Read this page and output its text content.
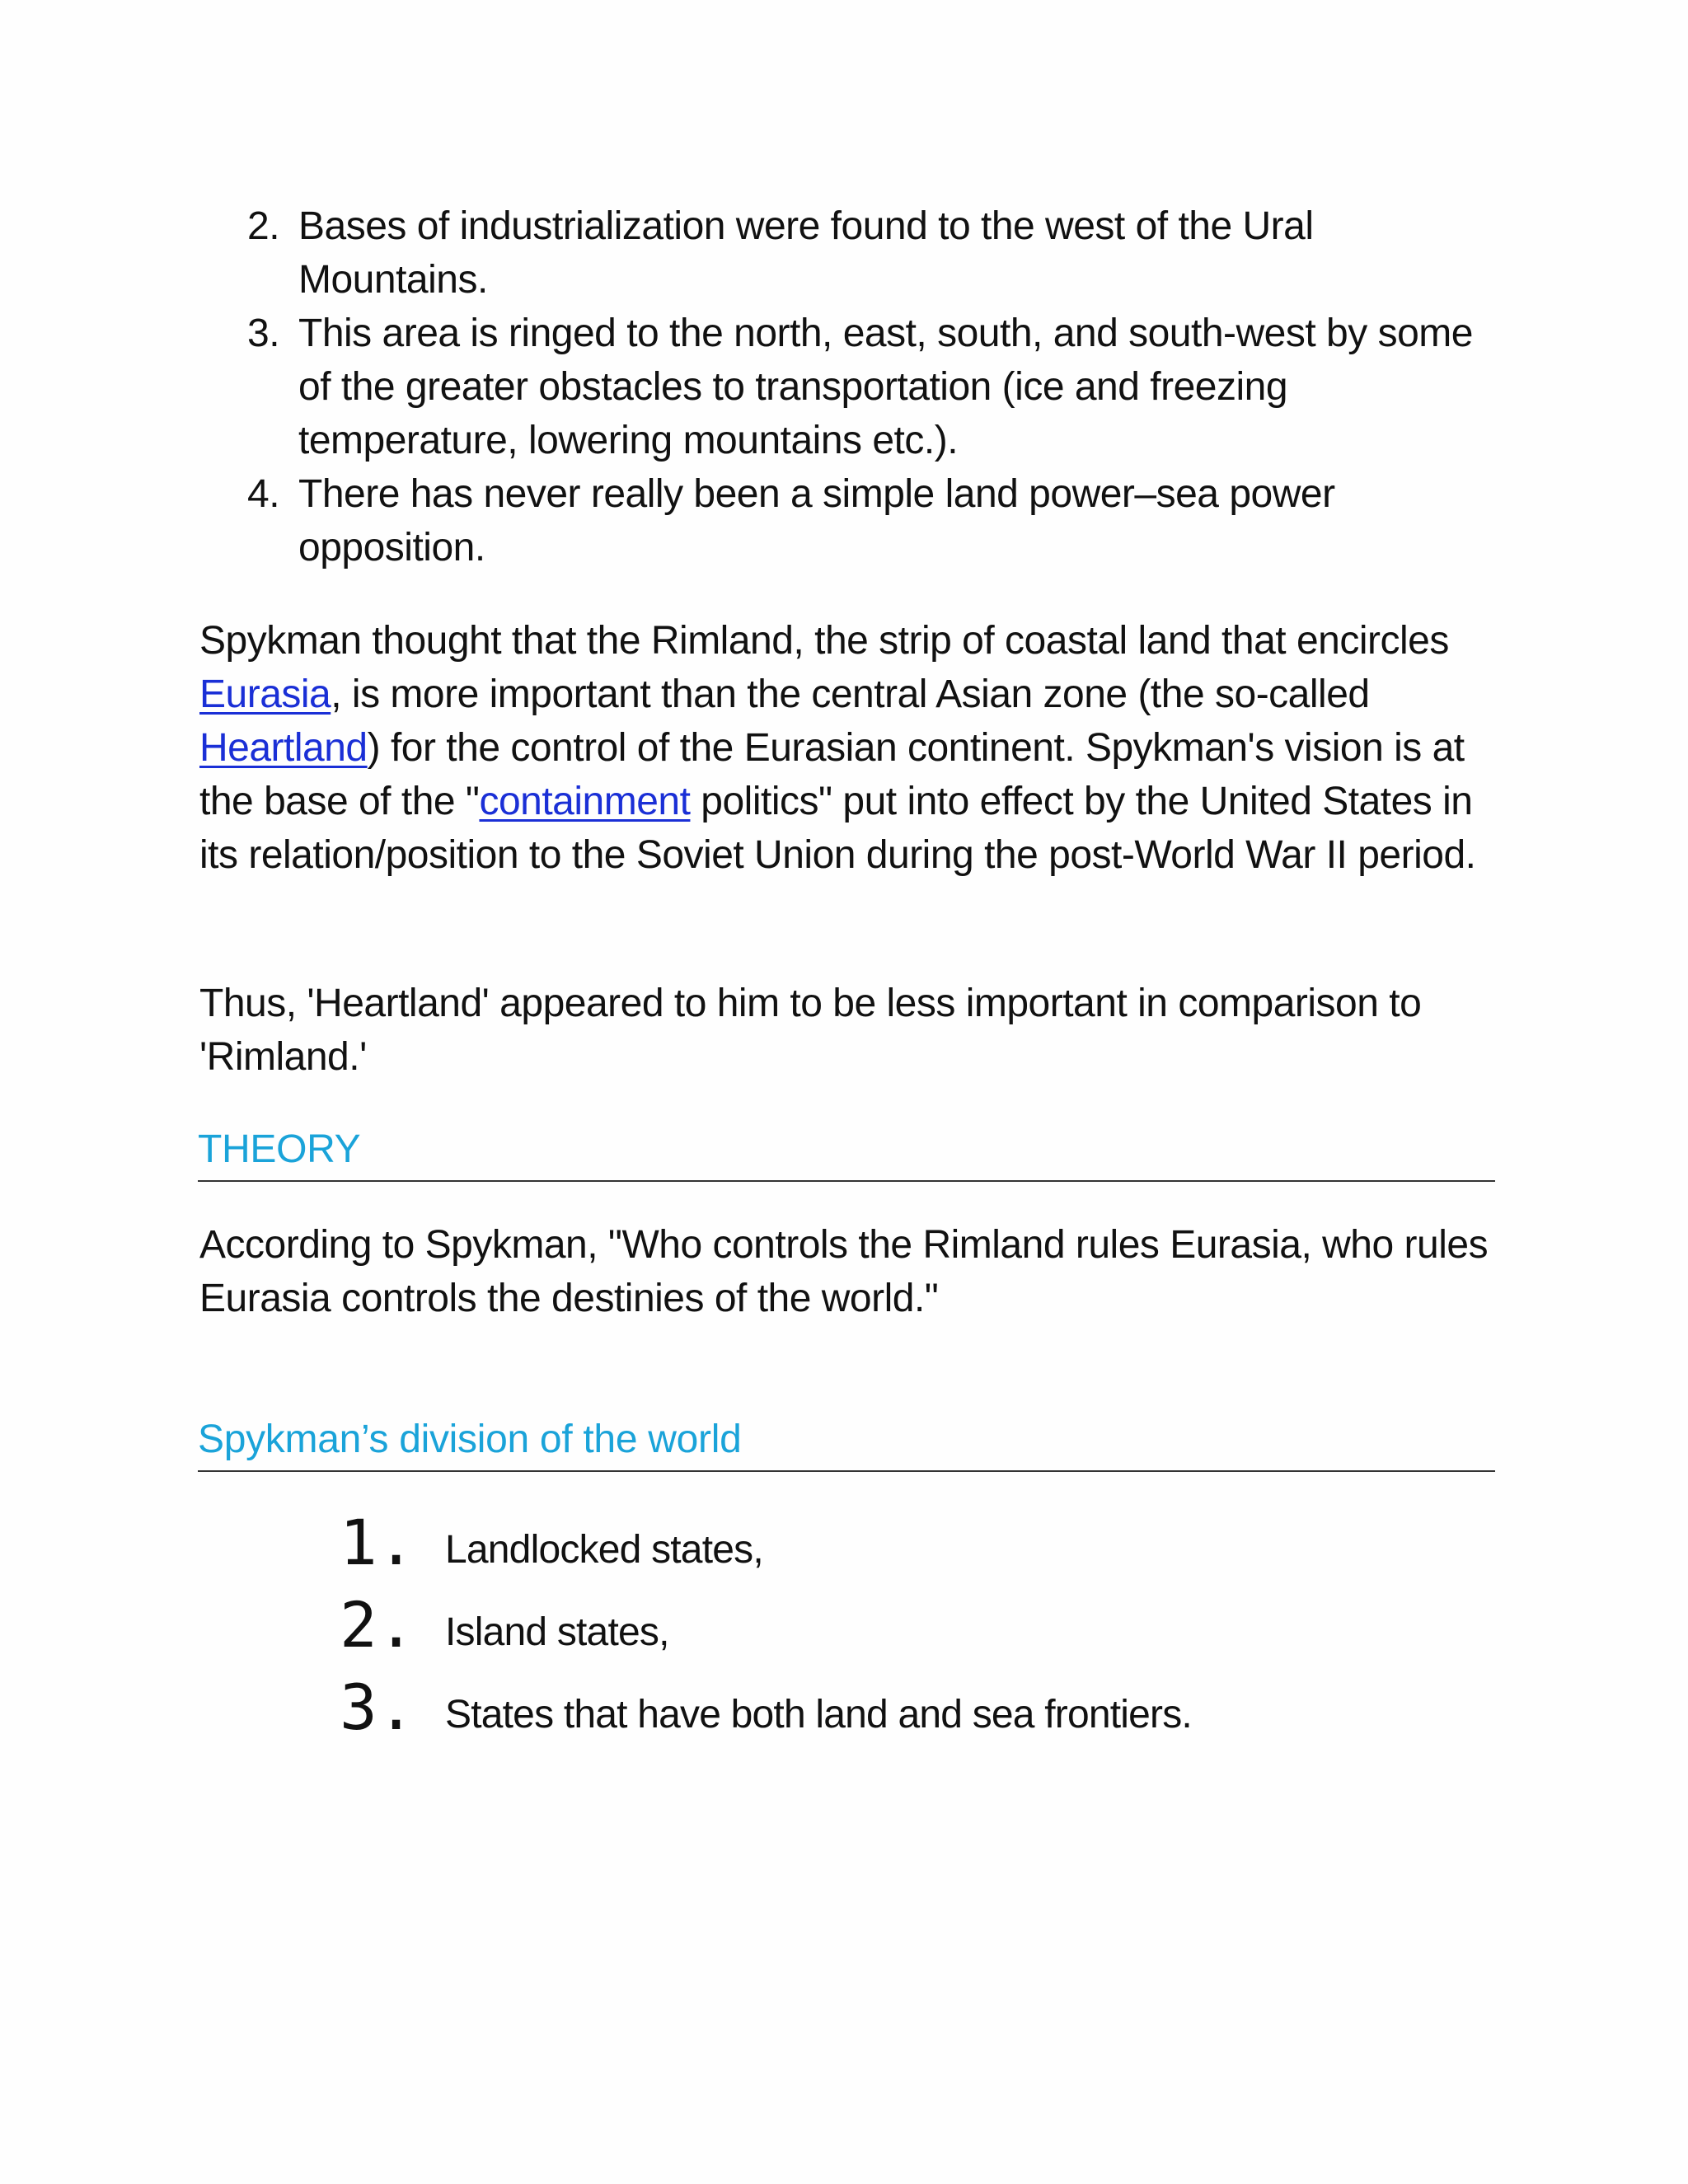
2. Bases of industrialization were found to the west of the Ural Mountains.
3. This area is ringed to the north, east, south, and south-west by some of the greater obstacles to transportation (ice and freezing temperature, lowering mountains etc.).
4. There has never really been a simple land power–sea power opposition.

Spykman thought that the Rimland, the strip of coastal land that encircles Eurasia, is more important than the central Asian zone (the so-called Heartland) for the control of the Eurasian continent. Spykman's vision is at the base of the "containment politics" put into effect by the United States in its relation/position to the Soviet Union during the post-World War II period.

Thus, 'Heartland' appeared to him to be less important in comparison to 'Rimland.'

THEORY

According to Spykman, "Who controls the Rimland rules Eurasia, who rules Eurasia controls the destinies of the world."

Spykman’s division of the world
1. Landlocked states,
2. Island states,
3. States that have both land and sea frontiers.
